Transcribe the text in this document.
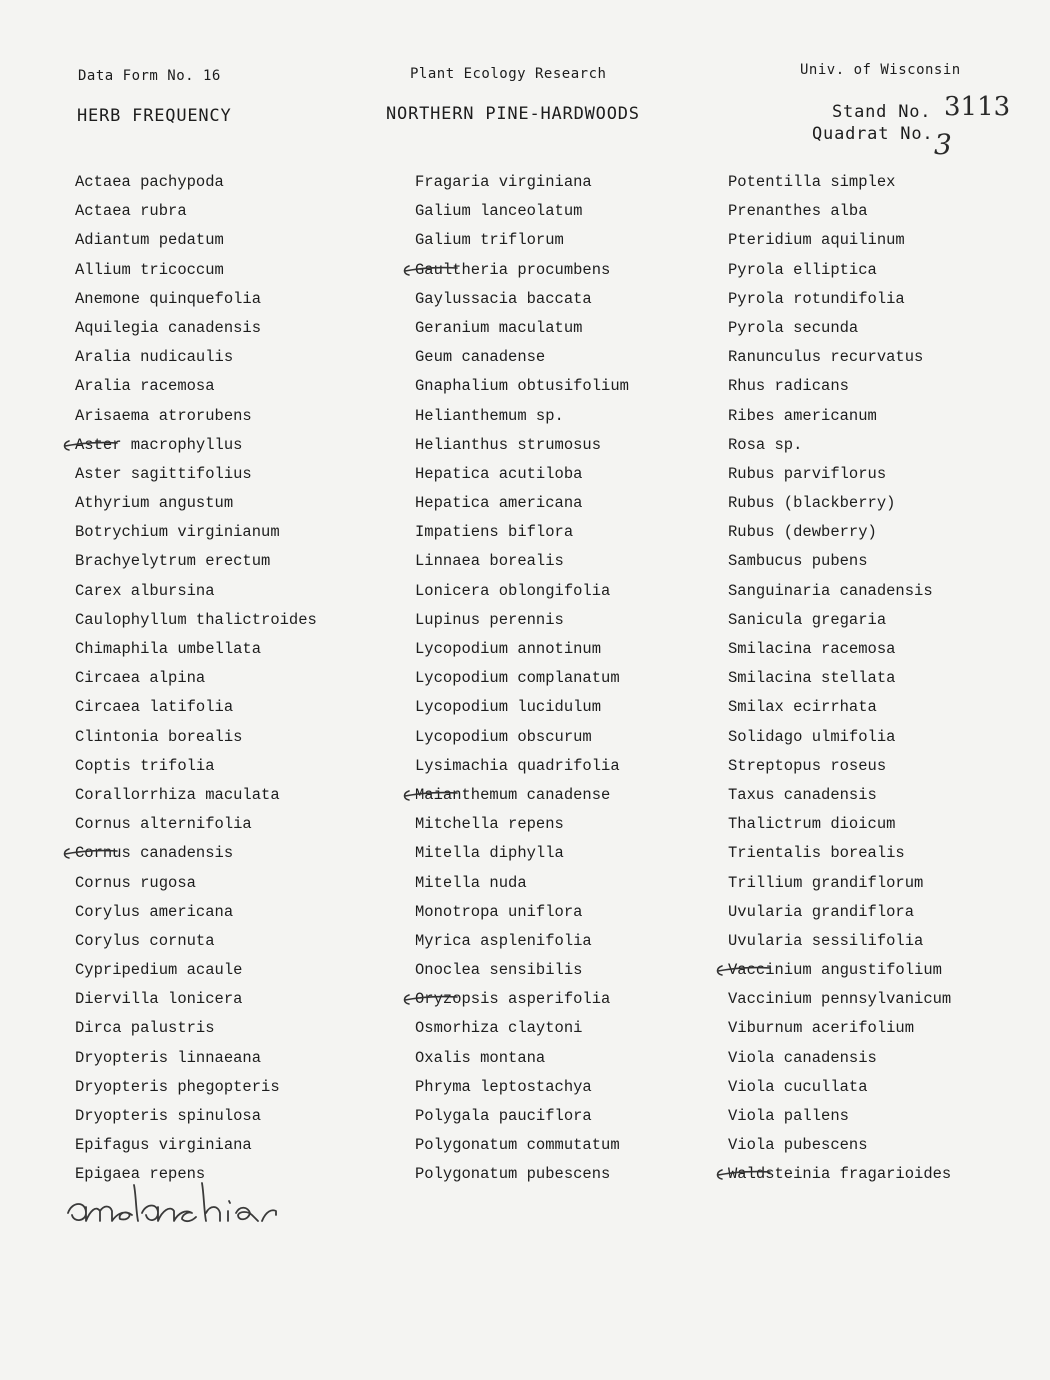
Data Form No. 16	Plant Ecology Research	Univ. of Wisconsin
HERB FREQUENCY	NORTHERN PINE-HARDWOODS	Stand No. 3113
Quadrat No. 3
Actaea pachypoda
Actaea rubra
Adiantum pedatum
Allium tricoccum
Anemone quinquefolia
Aquilegia canadensis
Aralia nudicaulis
Aralia racemosa
Arisaema atrorubens
Aster macrophyllus
Aster sagittifolius
Athyrium angustum
Botrychium virginianum
Brachyelytrum erectum
Carex albursina
Caulophyllum thalictroides
Chimaphila umbellata
Circaea alpina
Circaea latifolia
Clintonia borealis
Coptis trifolia
Corallorrhiza maculata
Cornus alternifolia
Cornus canadensis
Cornus rugosa
Corylus americana
Corylus cornuta
Cypripedium acaule
Diervilla lonicera
Dirca palustris
Dryopteris linnaeana
Dryopteris phegopteris
Dryopteris spinulosa
Epifagus virginiana
Epigaea repens
Fragaria virginiana
Galium lanceolatum
Galium triflorum
Gaultheria procumbens
Gaylussacia baccata
Geranium maculatum
Geum canadense
Gnaphalium obtusifolium
Helianthemum sp.
Helianthus strumosus
Hepatica acutiloba
Hepatica americana
Impatiens biflora
Linnaea borealis
Lonicera oblongifolia
Lupinus perennis
Lycopodium annotinum
Lycopodium complanatum
Lycopodium lucidulum
Lycopodium obscurum
Lysimachia quadrifolia
Maianthemum canadense
Mitchella repens
Mitella diphylla
Mitella nuda
Monotropa uniflora
Myrica asplenifolia
Onoclea sensibilis
Oryzopsis asperifolia
Osmorhiza claytoni
Oxalis montana
Phryma leptostachya
Polygala pauciflora
Polygonatum commutatum
Polygonatum pubescens
Potentilla simplex
Prenanthes alba
Pteridium aquilinum
Pyrola elliptica
Pyrola rotundifolia
Pyrola secunda
Ranunculus recurvatus
Rhus radicans
Ribes americanum
Rosa sp.
Rubus parviflorus
Rubus (blackberry)
Rubus (dewberry)
Sambucus pubens
Sanguinaria canadensis
Sanicula gregaria
Smilacina racemosa
Smilacina stellata
Smilax ecirrhata
Solidago ulmifolia
Streptopus roseus
Taxus canadensis
Thalictrum dioicum
Trientalis borealis
Trillium grandiflorum
Uvularia grandiflora
Uvularia sessilifolia
Vaccinium angustifolium
Vaccinium pennsylvanicum
Viburnum acerifolium
Viola canadensis
Viola cucullata
Viola pallens
Viola pubescens
Waldsteinia fragarioides
